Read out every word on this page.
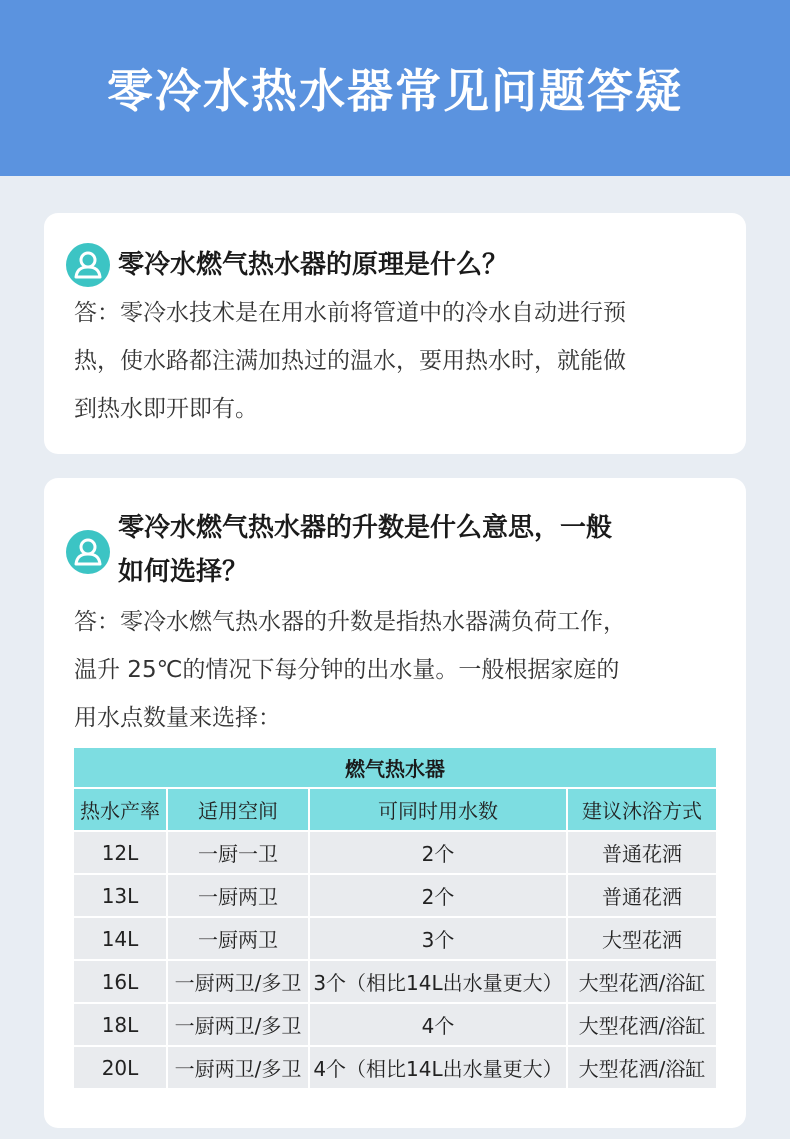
零冷水热水器常见问题答疑
零冷水燃气热水器的原理是什么？
答：零冷水技术是在用水前将管道中的冷水自动进行预
热，使水路都注满加热过的温水，要用热水时，就能做
到热水即开即有。
零冷水燃气热水器的升数是什么意思，一般
如何选择？
答：零冷水燃气热水器的升数是指热水器满负荷工作，
温升 25℃的情况下每分钟的出水量。一般根据家庭的
用水点数量来选择：
燃气热水器			
热水产率	适用空间	可同时用水数	建议沐浴方式
12L	一厨一卫	2个	普通花洒
13L	一厨两卫	2个	普通花洒
14L	一厨两卫	3个	大型花洒
16L	一厨两卫/多卫	3个（相比14L出水量更大）	大型花洒/浴缸
18L	一厨两卫/多卫	4个	大型花洒/浴缸
20L	一厨两卫/多卫	4个（相比14L出水量更大）	大型花洒/浴缸
